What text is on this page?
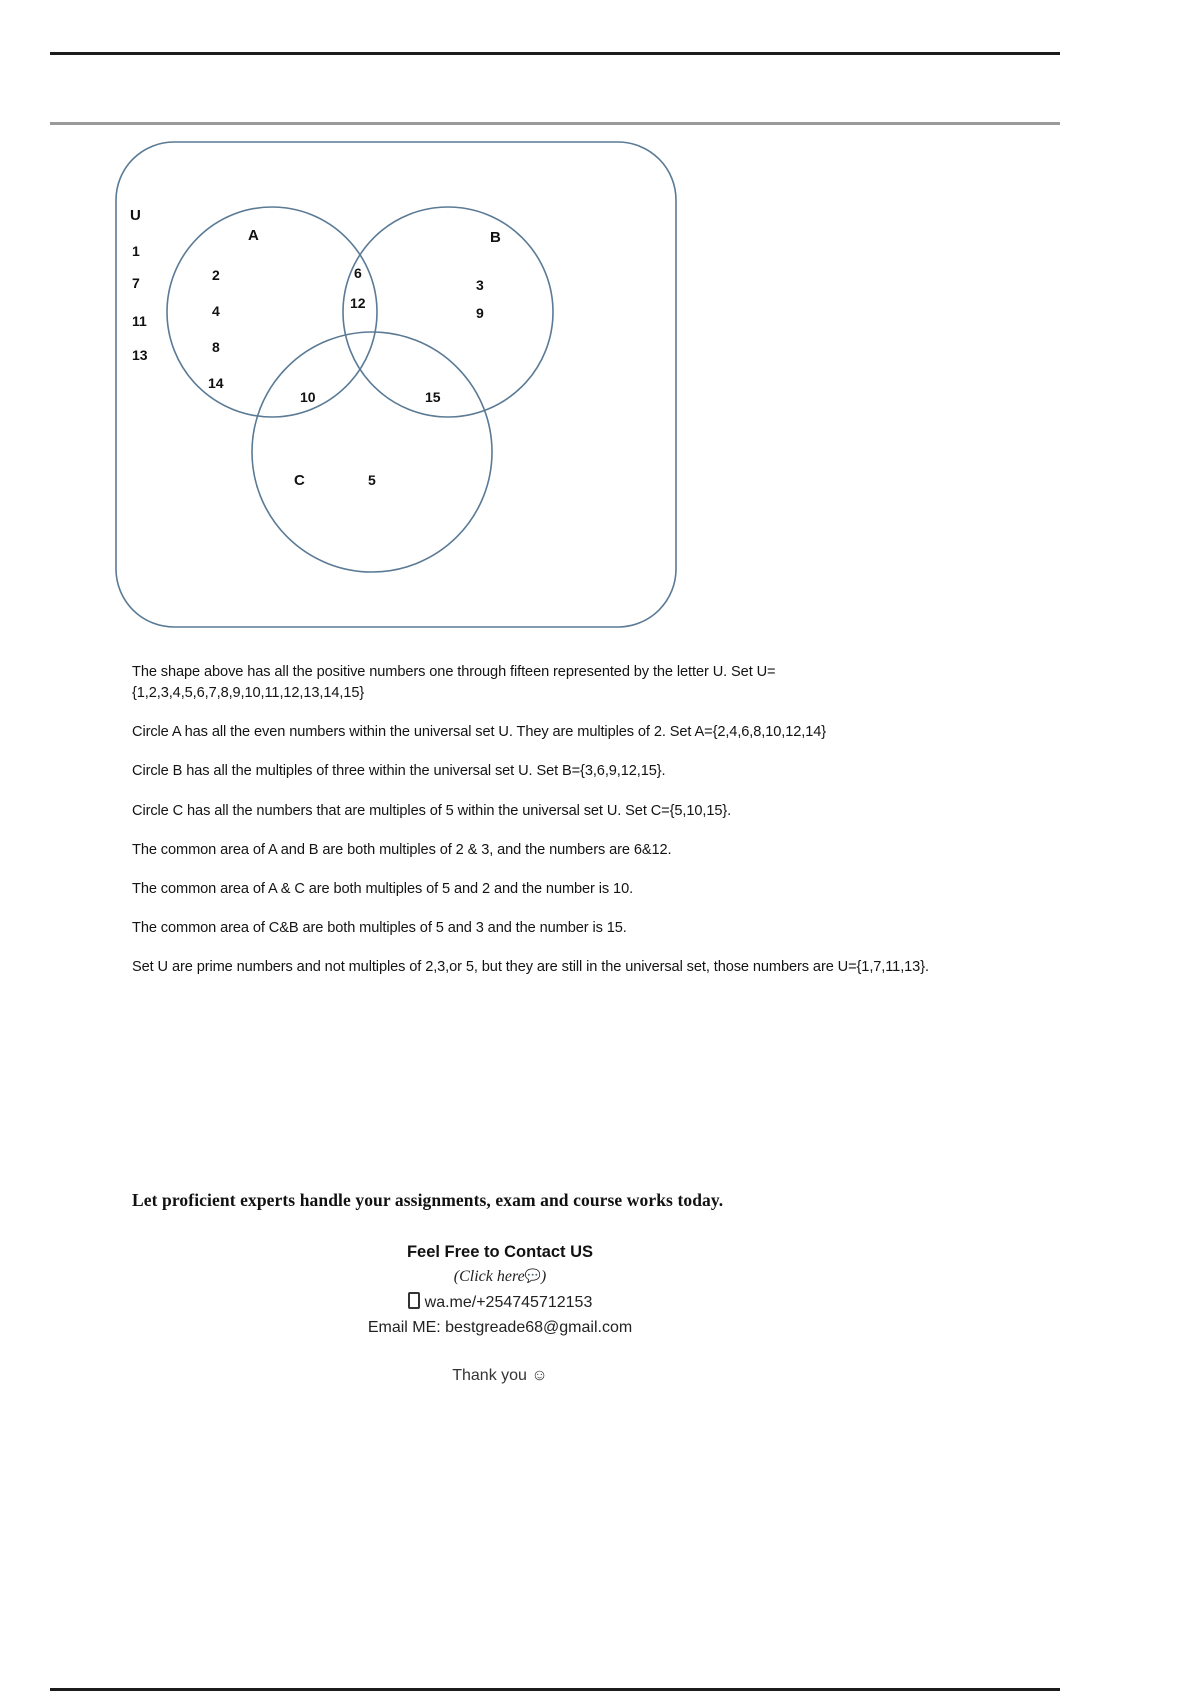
U
1
7
11
13
A	B
C
2
4
8
14
6
12
3
9
10	15
5

The shape above has all the positive numbers one through fifteen represented by the letter U. Set U={1,2,3,4,5,6,7,8,9,10,11,12,13,14,15}

Circle A has all the even numbers within the universal set U. They are multiples of 2. Set A={2,4,6,8,10,12,14}

Circle B has all the multiples of three within the universal set U. Set B={3,6,9,12,15}.

Circle C has all the numbers that are multiples of 5 within the universal set U. Set C={5,10,15}.

The common area of A and B are both multiples of 2 & 3, and the numbers are 6&12.

The common area of A & C are both multiples of 5 and 2 and the number is 10.

The common area of C&B are both multiples of 5 and 3 and the number is 15.

Set U are prime numbers and not multiples of 2,3,or 5, but they are still in the universal set, those numbers are U={1,7,11,13}.

Let proficient experts handle your assignments, exam and course works today.
Feel Free to Contact US
(Click here💬)
wa.me/+254745712153
Email ME: bestgreade68@gmail.com
Thank you ☺
